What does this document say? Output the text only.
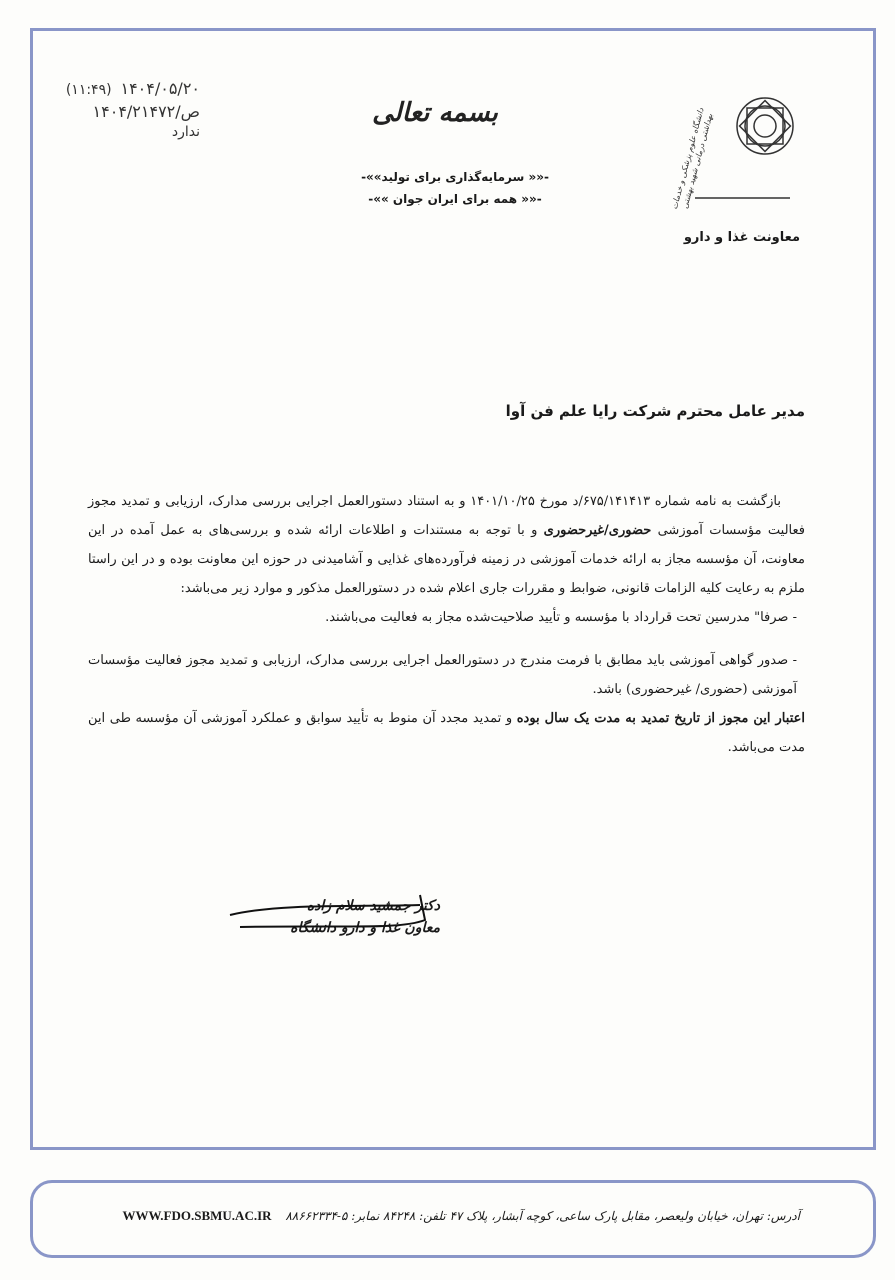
(۱۱:۴۹) ۱۴۰۴/۰۵/۲۰
۱۴۰۴/ص/۲۱۴۷۲
ندارد
بسمه تعالی
-«« سرمایه‌گذاری برای تولید»»-
-«« همه برای ایران جوان »»-	دانشگاه علوم پزشکی و خدمات بهداشتی درمانی شهید بهشتی
معاونت غذا و دارو
مدیر عامل محترم شرکت رایا علم فن آوا

بازگشت به نامه شماره ۶۷۵/۱۴۱۴۱۳/د مورخ ۱۴۰۱/۱۰/۲۵ و به استناد دستورالعمل اجرایی بررسی مدارک، ارزیابی و تمدید مجوز فعالیت مؤسسات آموزشی حضوری/غیرحضوری و با توجه به مستندات و اطلاعات ارائه شده و بررسی‌های به عمل آمده در این معاونت، آن مؤسسه مجاز به ارائه خدمات آموزشی در زمینه فرآورده‌های غذایی و آشامیدنی در حوزه این معاونت بوده و در این راستا ملزم به رعایت کلیه الزامات قانونی، ضوابط و مقررات جاری اعلام شده در دستورالعمل مذکور و موارد زیر می‌باشد:

- صرفا" مدرسین تحت قرارداد با مؤسسه و تأیید صلاحیت‌شده مجاز به فعالیت می‌باشند.

- صدور گواهی آموزشی باید مطابق با فرمت مندرج در دستورالعمل اجرایی بررسی مدارک، ارزیابی و تمدید مجوز فعالیت مؤسسات آموزشی (حضوری/ غیرحضوری) باشد.

اعتبار این مجوز از تاریخ تمدید به مدت یک سال بوده و تمدید مجدد آن منوط به تأیید سوابق و عملکرد آموزشی آن مؤسسه طی این مدت می‌باشد.

دکتر جمشید سلام زاده
معاون غذا و دارو دانشگاه
آدرس: تهران، خیابان ولیعصر، مقابل پارک ساعی، کوچه آبشار، پلاک ۴۷ تلفن: ۸۴۲۴۸ نمابر: ۵-۸۸۶۶۲۳۳۴ WWW.FDO.SBMU.AC.IR
